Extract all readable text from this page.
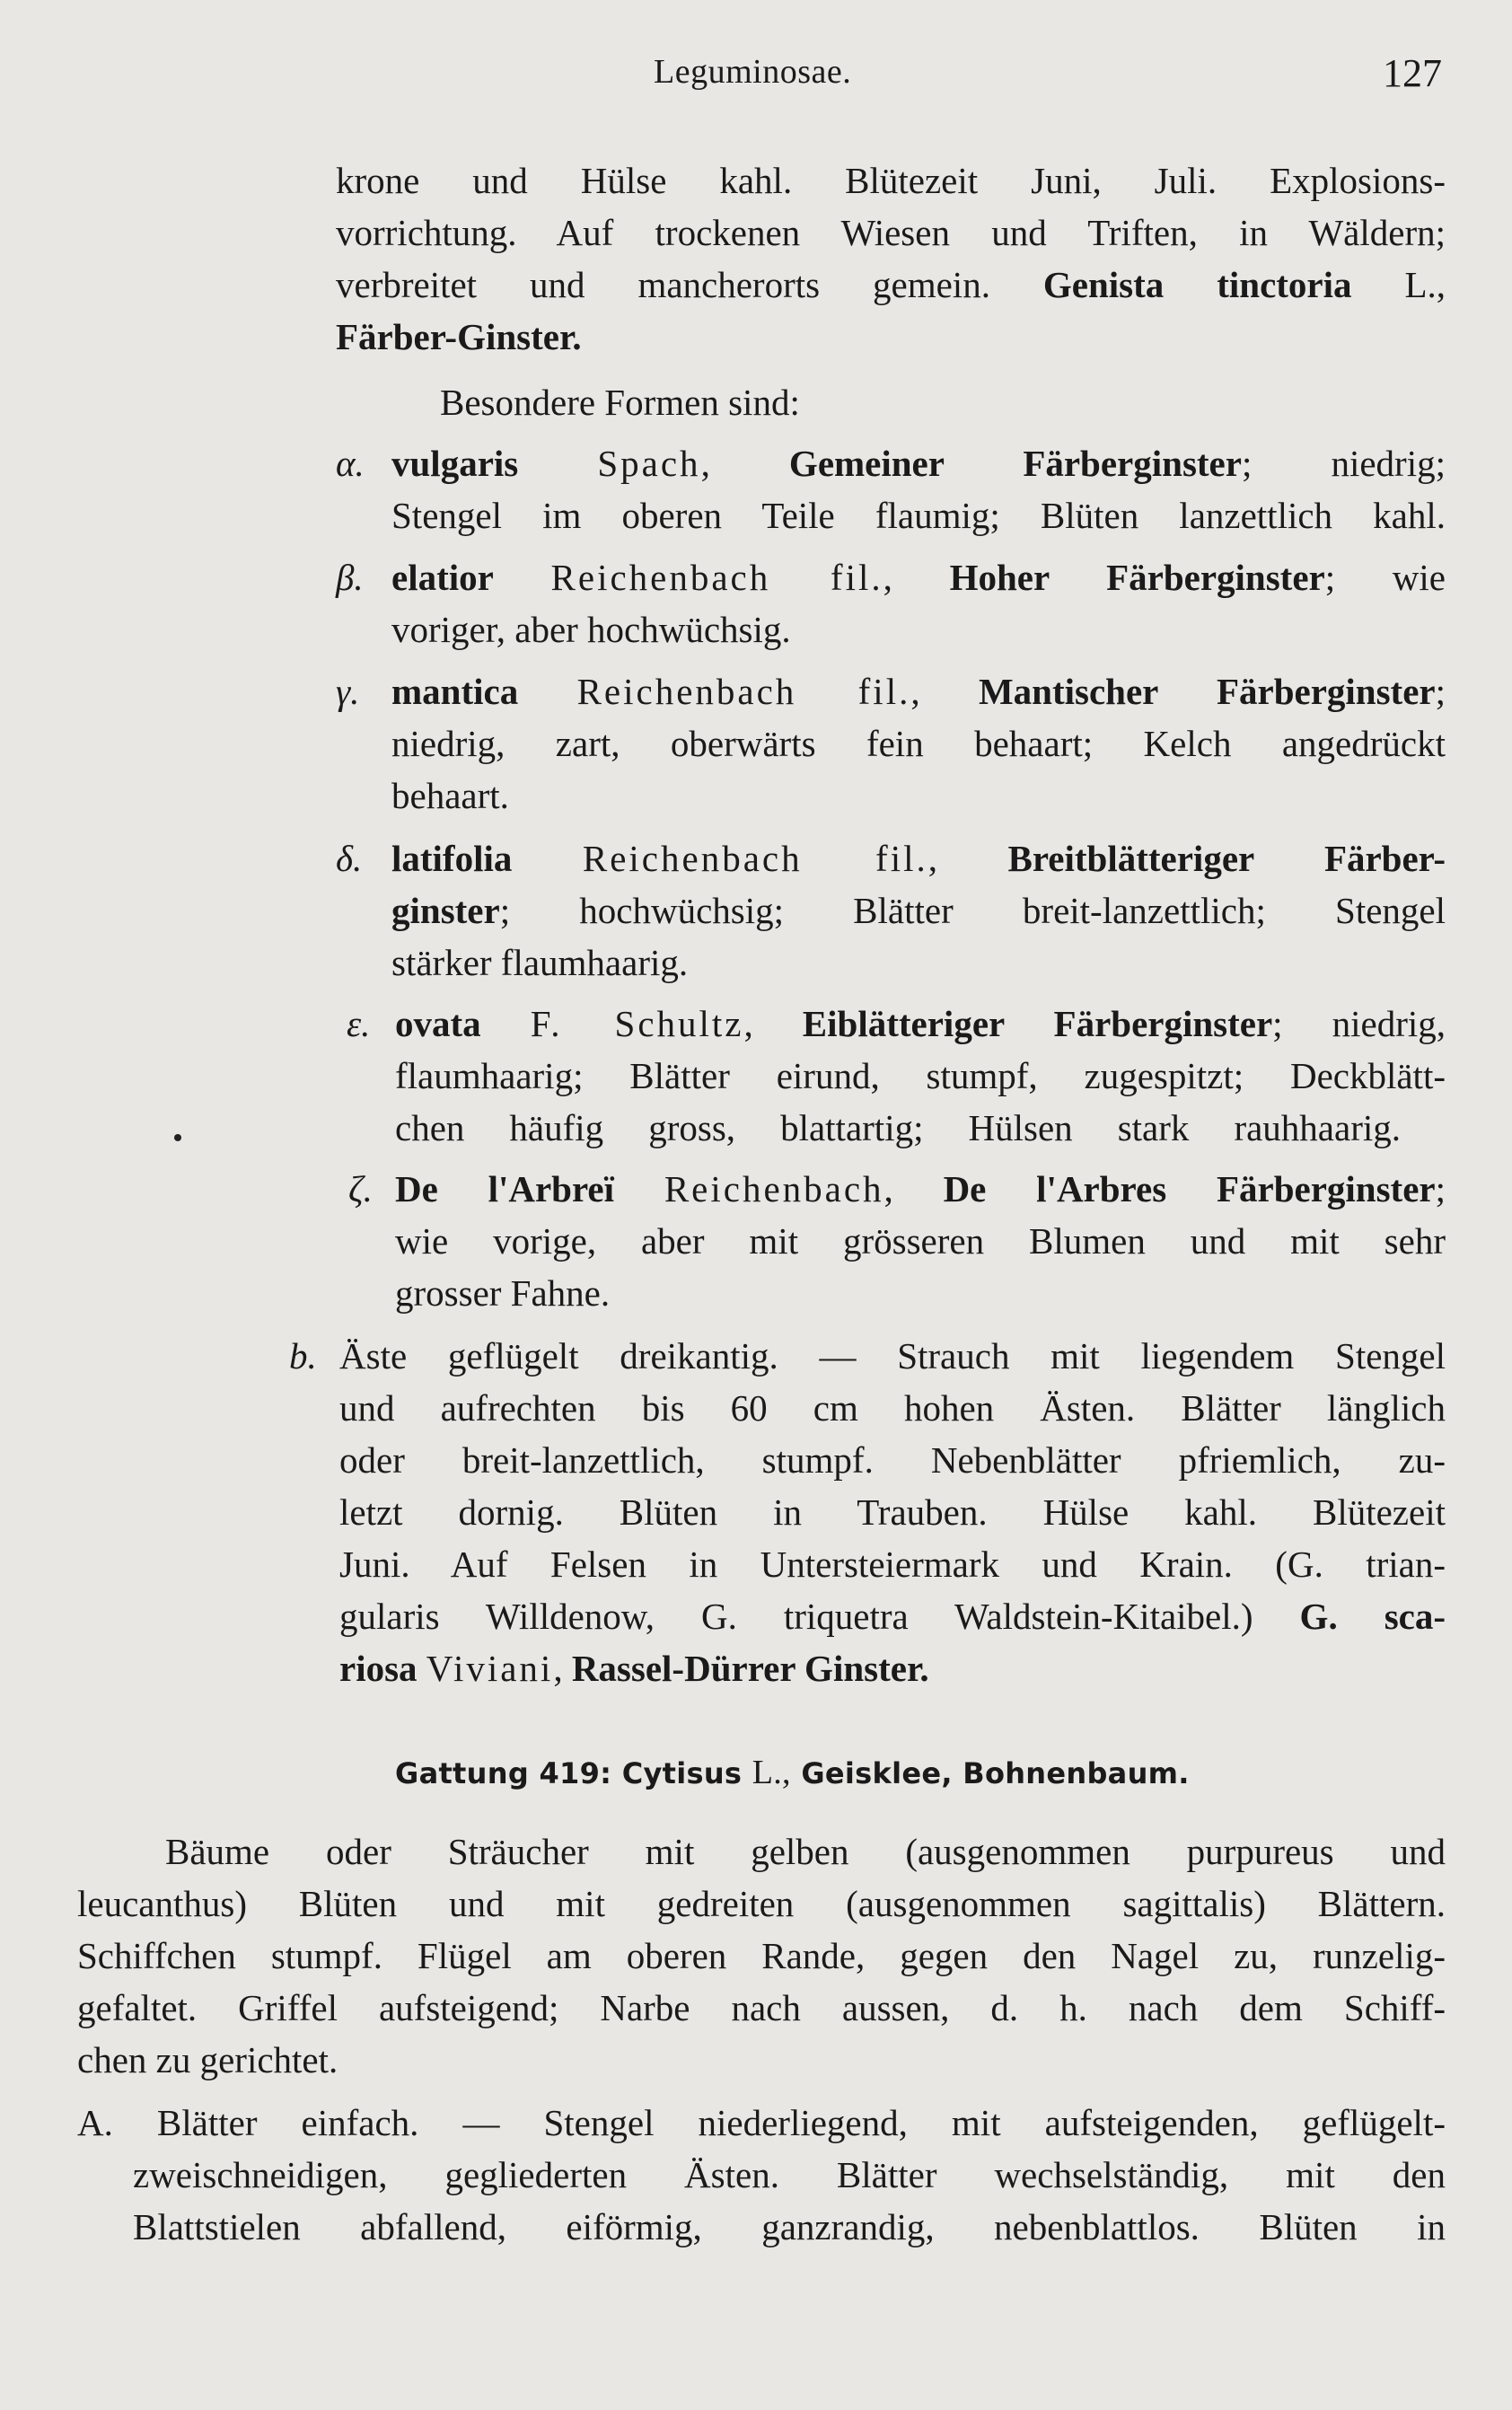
Leguminosae.	127
krone und Hülse kahl. Blütezeit Juni, Juli. Explosions-
vorrichtung. Auf trockenen Wiesen und Triften, in Wäldern;
verbreitet und mancherorts gemein. Genista tinctoria L.,
Färber-Ginster.
Besondere Formen sind:
α. vulgaris Spach, Gemeiner Färberginster; niedrig;
Stengel im oberen Teile flaumig; Blüten lanzettlich kahl.
β. elatior Reichenbach fil., Hoher Färberginster; wie
voriger, aber hochwüchsig.
γ. mantica Reichenbach fil., Mantischer Färberginster;
niedrig, zart, oberwärts fein behaart; Kelch angedrückt
behaart.
δ. latifolia Reichenbach fil., Breitblätteriger Färber-
ginster; hochwüchsig; Blätter breit-lanzettlich; Stengel
stärker flaumhaarig.
ε. ovata F. Schultz, Eiblätteriger Färberginster; niedrig,
flaumhaarig; Blätter eirund, stumpf, zugespitzt; Deckblätt-
chen häufig gross, blattartig; Hülsen stark rauhhaarig.
ζ. De l'Arbreï Reichenbach, De l'Arbres Färberginster;
wie vorige, aber mit grösseren Blumen und mit sehr
grosser Fahne.
b. Äste geflügelt dreikantig. — Strauch mit liegendem Stengel
und aufrechten bis 60 cm hohen Ästen. Blätter länglich
oder breit-lanzettlich, stumpf. Nebenblätter pfriemlich, zu-
letzt dornig. Blüten in Trauben. Hülse kahl. Blütezeit
Juni. Auf Felsen in Untersteiermark und Krain. (G. trian-
gularis Willdenow, G. triquetra Waldstein-Kitaibel.) G. sca-
riosa Viviani, Rassel-Dürrer Ginster.
Gattung 419: Cytisus L., Geisklee, Bohnenbaum.
Bäume oder Sträucher mit gelben (ausgenommen purpureus und
leucanthus) Blüten und mit gedreiten (ausgenommen sagittalis) Blättern.
Schiffchen stumpf. Flügel am oberen Rande, gegen den Nagel zu, runzelig-
gefaltet. Griffel aufsteigend; Narbe nach aussen, d. h. nach dem Schiff-
chen zu gerichtet.
A. Blätter einfach. — Stengel niederliegend, mit aufsteigenden, geflügelt-
zweischneidigen, gegliederten Ästen. Blätter wechselständig, mit den
Blattstielen abfallend, eiförmig, ganzrandig, nebenblattlos. Blüten in
